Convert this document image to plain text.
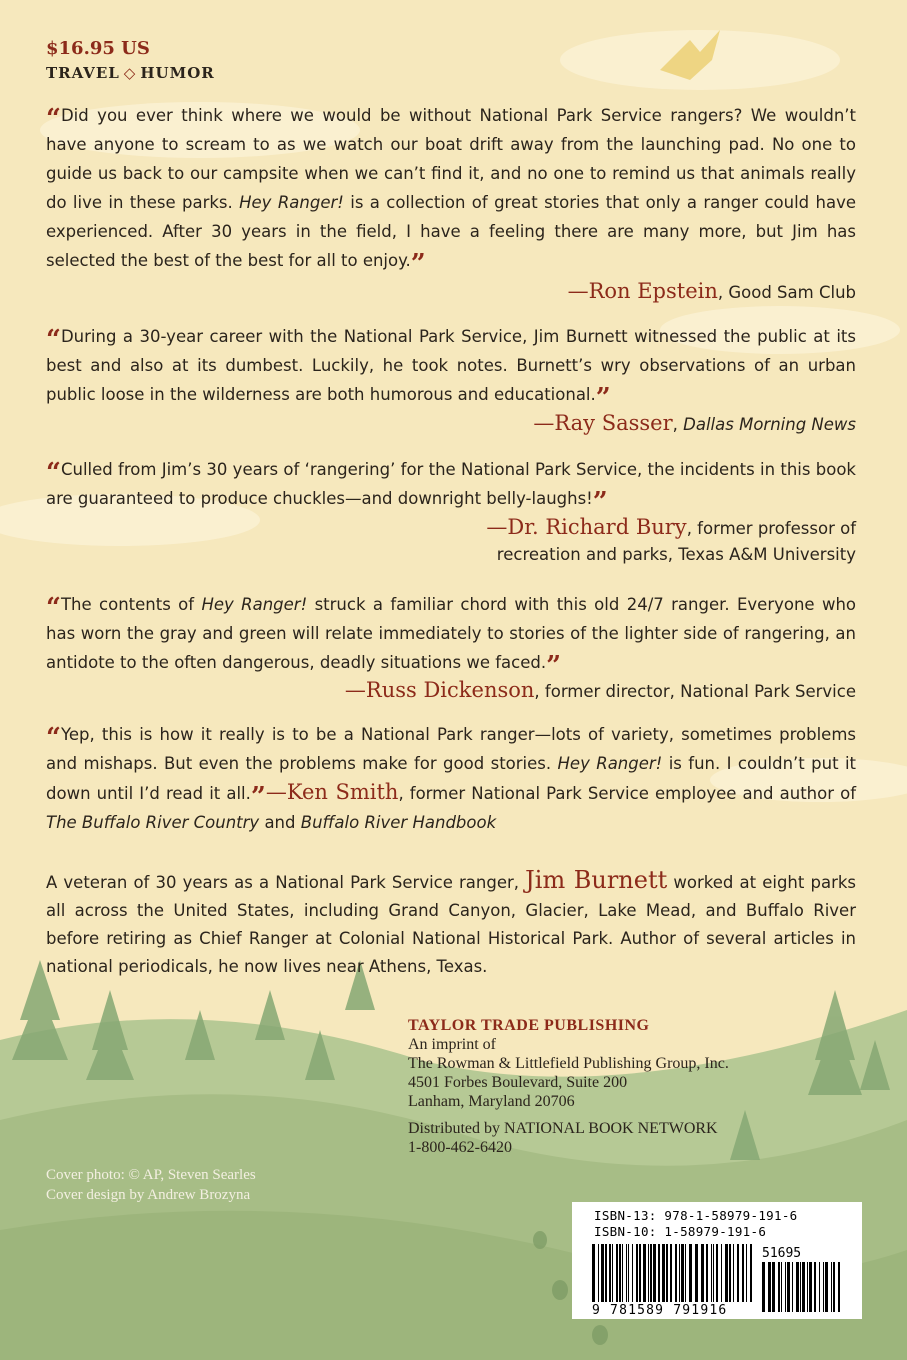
$16.95 US
TRAVEL ◇ HUMOR
“Did you ever think where we would be without National Park Service rangers? We wouldn’t have anyone to scream to as we watch our boat drift away from the launching pad. No one to guide us back to our campsite when we can’t find it, and no one to remind us that animals really do live in these parks. Hey Ranger! is a collection of great stories that only a ranger could have experienced. After 30 years in the field, I have a feeling there are many more, but Jim has selected the best of the best for all to enjoy.”
—Ron Epstein, Good Sam Club
“During a 30-year career with the National Park Service, Jim Burnett witnessed the public at its best and also at its dumbest. Luckily, he took notes. Burnett’s wry observations of an urban public loose in the wilderness are both humorous and educational.”
—Ray Sasser, Dallas Morning News
“Culled from Jim’s 30 years of ‘rangering’ for the National Park Service, the incidents in this book are guaranteed to produce chuckles—and downright belly-laughs!”
—Dr. Richard Bury, former professor of
recreation and parks, Texas A&M University
“The contents of Hey Ranger! struck a familiar chord with this old 24/7 ranger. Everyone who has worn the gray and green will relate immediately to stories of the lighter side of rangering, an antidote to the often dangerous, deadly situations we faced.”
—Russ Dickenson, former director, National Park Service
“Yep, this is how it really is to be a National Park ranger—lots of variety, sometimes problems and mishaps. But even the problems make for good stories. Hey Ranger! is fun. I couldn’t put it down until I’d read it all.”—Ken Smith, former National Park Service employee and author of The Buffalo River Country and Buffalo River Handbook
A veteran of 30 years as a National Park Service ranger, Jim Burnett worked at eight parks all across the United States, including Grand Canyon, Glacier, Lake Mead, and Buffalo River before retiring as Chief Ranger at Colonial National Historical Park. Author of several articles in national periodicals, he now lives near Athens, Texas.
TAYLOR TRADE PUBLISHING
An imprint of
The Rowman & Littlefield Publishing Group, Inc.
4501 Forbes Boulevard, Suite 200
Lanham, Maryland 20706
Distributed by NATIONAL BOOK NETWORK
1-800-462-6420
Cover photo: © AP, Steven Searles
Cover design by Andrew Brozyna
ISBN-13: 978-1-58979-191-6
ISBN-10: 1-58979-191-6
51695
9 781589 791916
